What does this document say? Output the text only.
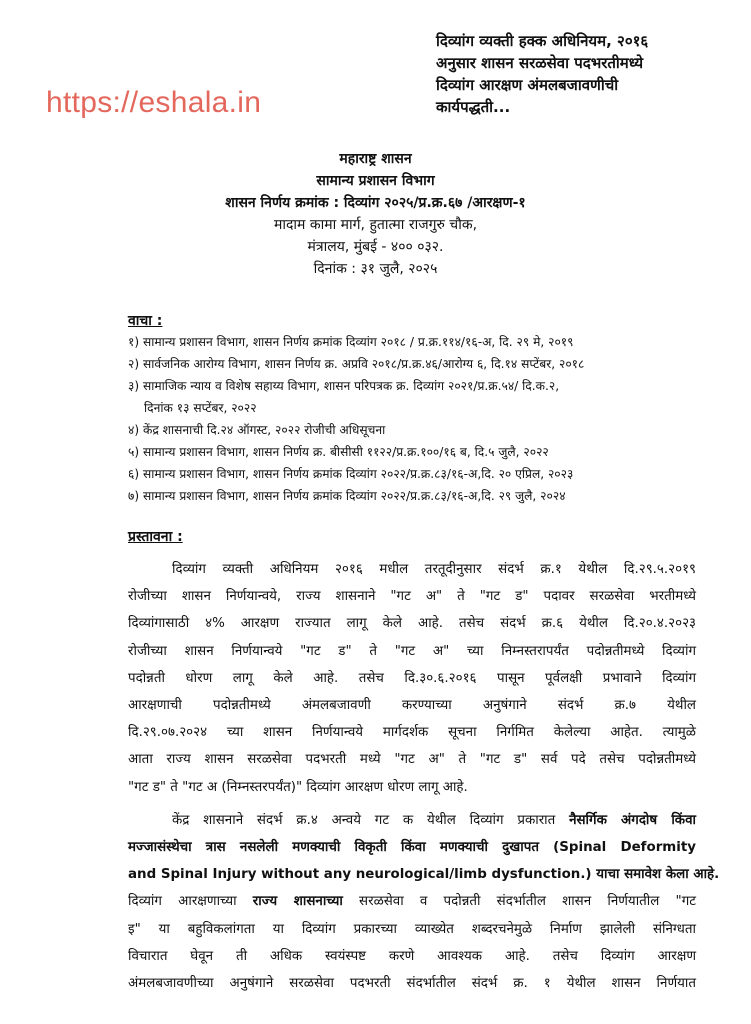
दिव्यांग व्यक्ती हक्क अधिनियम, २०१६
अनुसार शासन सरळसेवा पदभरतीमध्ये
दिव्यांग आरक्षण अंमलबजावणीची
कार्यपद्धती...
https://eshala.in
महाराष्ट्र शासन
सामान्य प्रशासन विभाग
शासन निर्णय क्रमांक : दिव्यांग २०२५/प्र.क्र.६७ /आरक्षण-१
मादाम कामा मार्ग, हुतात्मा राजगुरु चौक,
मंत्रालय, मुंबई - ४०० ०३२.
दिनांक : ३१ जुलै, २०२५
वाचा :
१) सामान्य प्रशासन विभाग, शासन निर्णय क्रमांक दिव्यांग २०१८ / प्र.क्र.११४/१६-अ, दि. २९ मे, २०१९
२) सार्वजनिक आरोग्य विभाग, शासन निर्णय क्र. अप्रवि २०१८/प्र.क्र.४६/आरोग्य ६, दि.१४ सप्टेंबर, २०१८
३) सामाजिक न्याय व विशेष सहाय्य विभाग, शासन परिपत्रक क्र. दिव्यांग २०२१/प्र.क्र.५४/ दि.क.२,
दिनांक १३ सप्टेंबर, २०२२
४) केंद्र शासनाची दि.२४ ऑगस्ट, २०२२ रोजीची अधिसूचना
५) सामान्य प्रशासन विभाग, शासन निर्णय क्र. बीसीसी ११२२/प्र.क्र.१००/१६ ब, दि.५ जुलै, २०२२
६) सामान्य प्रशासन विभाग, शासन निर्णय क्रमांक दिव्यांग २०२२/प्र.क्र.८३/१६-अ,दि. २० एप्रिल, २०२३
७) सामान्य प्रशासन विभाग, शासन निर्णय क्रमांक दिव्यांग २०२२/प्र.क्र.८३/१६-अ,दि. २९ जुलै, २०२४
प्रस्तावना :
दिव्यांग व्यक्ती अधिनियम २०१६ मधील तरतूदीनुसार संदर्भ क्र.१ येथील दि.२९.५.२०१९
रोजीच्या शासन निर्णयान्वये, राज्य शासनाने "गट अ" ते "गट ड" पदावर सरळसेवा भरतीमध्ये
दिव्यांगासाठी ४% आरक्षण राज्यात लागू केले आहे. तसेच संदर्भ क्र.६ येथील दि.२०.४.२०२३
रोजीच्या शासन निर्णयान्वये "गट ड" ते "गट अ" च्या निम्नस्तरापर्यंत पदोन्नतीमध्ये दिव्यांग
पदोन्नती धोरण लागू केले आहे. तसेच दि.३०.६.२०१६ पासून पूर्वलक्षी प्रभावाने दिव्यांग
आरक्षणाची पदोन्नतीमध्ये अंमलबजावणी करण्याच्या अनुषंगाने संदर्भ क्र.७ येथील
दि.२९.०७.२०२४ च्या शासन निर्णयान्वये मार्गदर्शक सूचना निर्गमित केलेल्या आहेत. त्यामुळे
आता राज्य शासन सरळसेवा पदभरती मध्ये "गट अ" ते "गट ड" सर्व पदे तसेच पदोन्नतीमध्ये
"गट ड" ते "गट अ (निम्नस्तरपर्यंत)" दिव्यांग आरक्षण धोरण लागू आहे.
केंद्र शासनाने संदर्भ क्र.४ अन्वये गट क येथील दिव्यांग प्रकारात नैसर्गिक अंगदोष किंवा
मज्जासंस्थेचा त्रास नसलेली मणक्याची विकृती किंवा मणक्याची दुखापत (Spinal Deformity
and Spinal Injury without any neurological/limb dysfunction.) याचा समावेश केला आहे.
दिव्यांग आरक्षणाच्या राज्य शासनाच्या सरळसेवा व पदोन्नती संदर्भातील शासन निर्णयातील "गट
इ" या बहुविकलांगता या दिव्यांग प्रकारच्या व्याख्येत शब्दरचनेमुळे निर्माण झालेली संनिग्धता
विचारात घेवून ती अधिक स्वयंस्पष्ट करणे आवश्यक आहे. तसेच दिव्यांग आरक्षण
अंमलबजावणीच्या अनुषंगाने सरळसेवा पदभरती संदर्भातील संदर्भ क्र. १ येथील शासन निर्णयात
